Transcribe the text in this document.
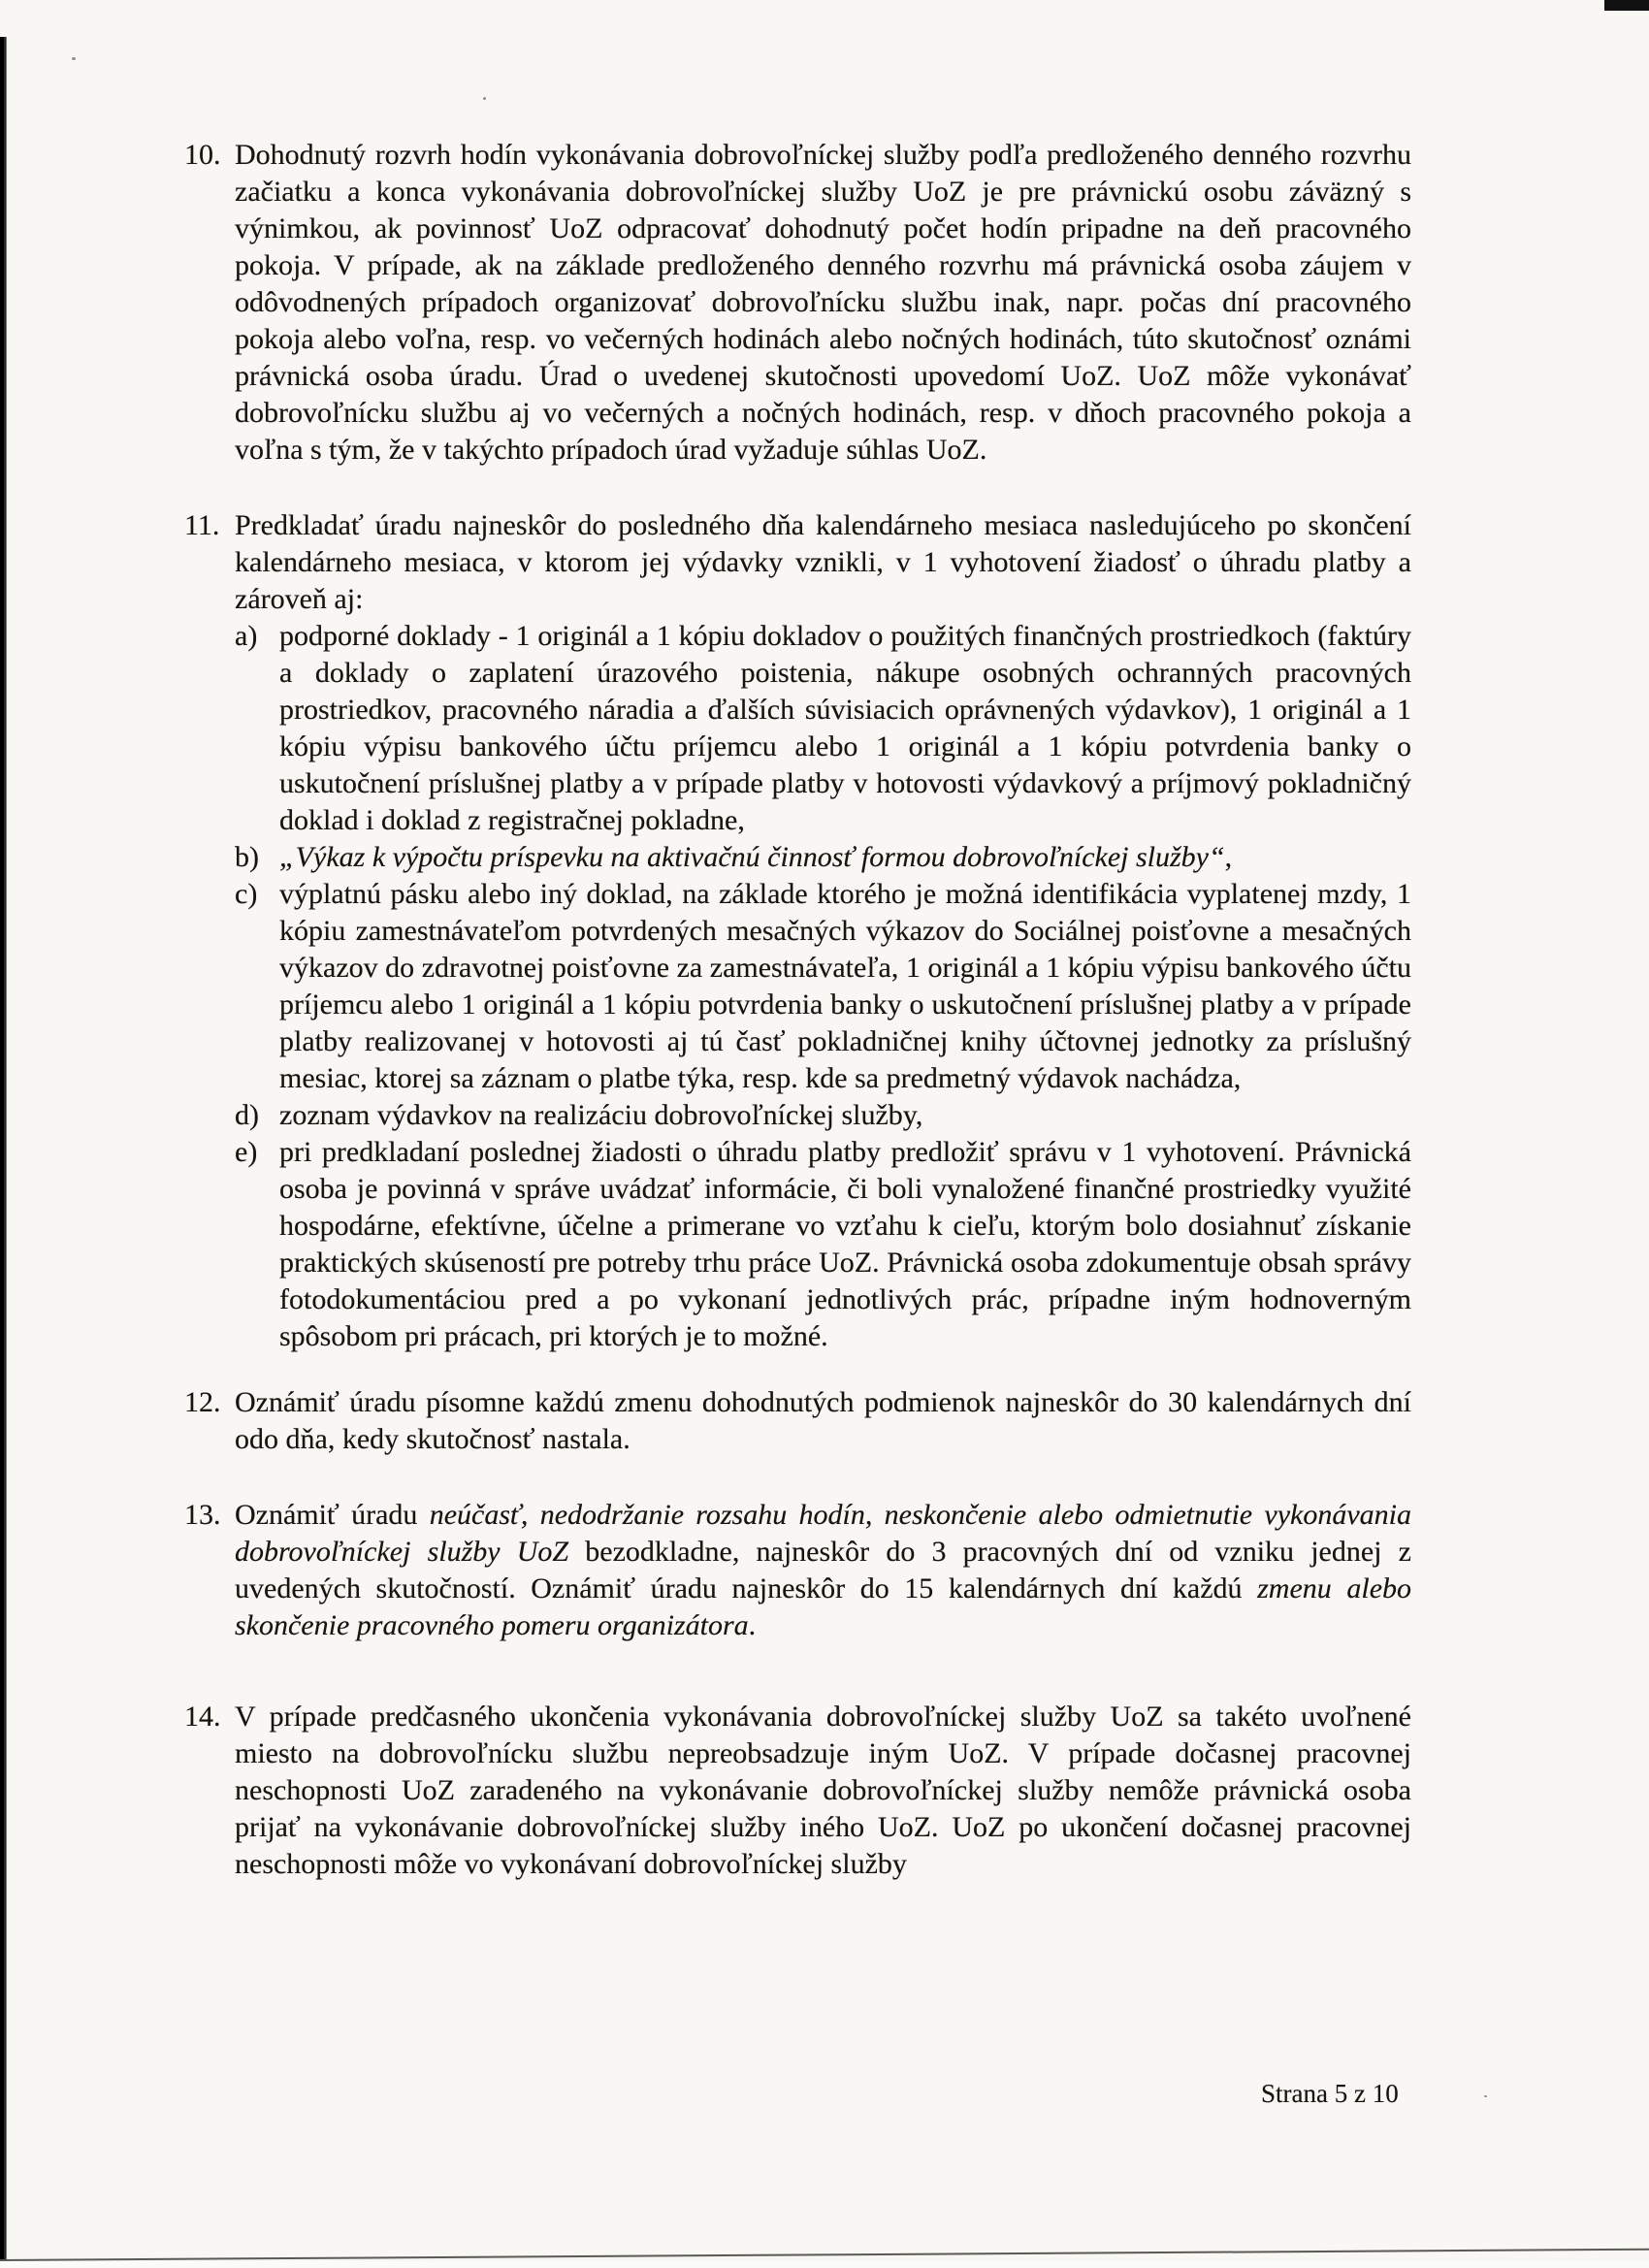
10. Dohodnutý rozvrh hodín vykonávania dobrovoľníckej služby podľa predloženého denného rozvrhu začiatku a konca vykonávania dobrovoľníckej služby UoZ je pre právnickú osobu záväzný s výnimkou, ak povinnosť UoZ odpracovať dohodnutý počet hodín pripadne na deň pracovného pokoja. V prípade, ak na základe predloženého denného rozvrhu má právnická osoba záujem v odôvodnených prípadoch organizovať dobrovoľnícku službu inak, napr. počas dní pracovného pokoja alebo voľna, resp. vo večerných hodinách alebo nočných hodinách, túto skutočnosť oznámi právnická osoba úradu. Úrad o uvedenej skutočnosti upovedomí UoZ. UoZ môže vykonávať dobrovoľnícku službu aj vo večerných a nočných hodinách, resp. v dňoch pracovného pokoja a voľna s tým, že v takýchto prípadoch úrad vyžaduje súhlas UoZ.
11. Predkladať úradu najneskôr do posledného dňa kalendárneho mesiaca nasledujúceho po skončení kalendárneho mesiaca, v ktorom jej výdavky vznikli, v 1 vyhotovení žiadosť o úhradu platby a zároveň aj:
a) podporné doklady - 1 originál a 1 kópiu dokladov o použitých finančných prostriedkoch (faktúry a doklady o zaplatení úrazového poistenia, nákupe osobných ochranných pracovných prostriedkov, pracovného náradia a ďalších súvisiacich oprávnených výdavkov), 1 originál a 1 kópiu výpisu bankového účtu príjemcu alebo 1 originál a 1 kópiu potvrdenia banky o uskutočnení príslušnej platby a v prípade platby v hotovosti výdavkový a príjmový pokladničný doklad i doklad z registračnej pokladne,
b) „Výkaz k výpočtu príspevku na aktivačnú činnosť formou dobrovoľníckej služby“,
c) výplatnú pásku alebo iný doklad, na základe ktorého je možná identifikácia vyplatenej mzdy, 1 kópiu zamestnávateľom potvrdených mesačných výkazov do Sociálnej poisťovne a mesačných výkazov do zdravotnej poisťovne za zamestnávateľa, 1 originál a 1 kópiu výpisu bankového účtu príjemcu alebo 1 originál a 1 kópiu potvrdenia banky o uskutočnení príslušnej platby a v prípade platby realizovanej v hotovosti aj tú časť pokladničnej knihy účtovnej jednotky za príslušný mesiac, ktorej sa záznam o platbe týka, resp. kde sa predmetný výdavok nachádza,
d) zoznam výdavkov na realizáciu dobrovoľníckej služby,
e) pri predkladaní poslednej žiadosti o úhradu platby predložiť správu v 1 vyhotovení. Právnická osoba je povinná v správe uvádzať informácie, či boli vynaložené finančné prostriedky využité hospodárne, efektívne, účelne a primerane vo vzťahu k cieľu, ktorým bolo dosiahnuť získanie praktických skúseností pre potreby trhu práce UoZ. Právnická osoba zdokumentuje obsah správy fotodokumentáciou pred a po vykonaní jednotlivých prác, prípadne iným hodnoverným spôsobom pri prácach, pri ktorých je to možné.
12. Oznámiť úradu písomne každú zmenu dohodnutých podmienok najneskôr do 30 kalendárnych dní odo dňa, kedy skutočnosť nastala.
13. Oznámiť úradu neúčasť, nedodržanie rozsahu hodín, neskončenie alebo odmietnutie vykonávania dobrovoľníckej služby UoZ bezodkladne, najneskôr do 3 pracovných dní od vzniku jednej z uvedených skutočností. Oznámiť úradu najneskôr do 15 kalendárnych dní každú zmenu alebo skončenie pracovného pomeru organizátora.
14. V prípade predčasného ukončenia vykonávania dobrovoľníckej služby UoZ sa takéto uvoľnené miesto na dobrovoľnícku službu nepreobsadzuje iným UoZ. V prípade dočasnej pracovnej neschopnosti UoZ zaradeného na vykonávanie dobrovoľníckej služby nemôže právnická osoba prijať na vykonávanie dobrovoľníckej služby iného UoZ. UoZ po ukončení dočasnej pracovnej neschopnosti môže vo vykonávaní dobrovoľníckej služby
Strana 5 z 10
